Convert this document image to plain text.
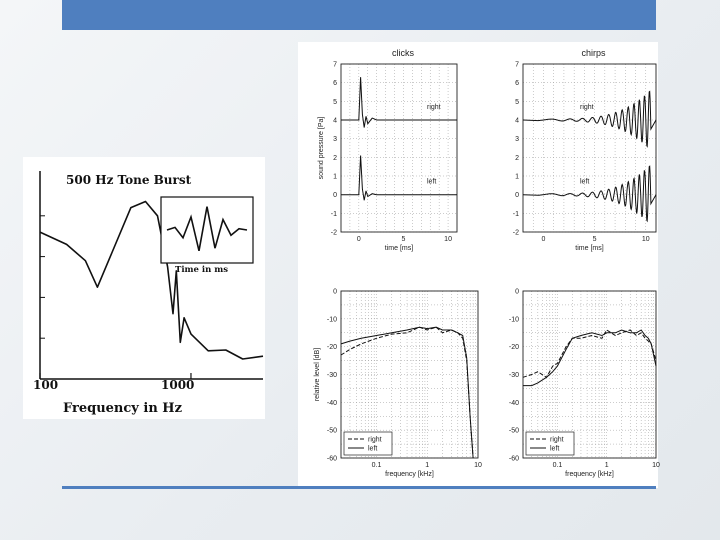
500 Hz Tone Burst
100	1000
Frequency in Hz
Time in ms
-2
-1
0
1
2
3
4
5
6
7
0	5	10
time [ms]
clicks
sound pressure [Pa]
right
left
-2
-1
0
1
2
3
4
5
6
7
0	5	10
time [ms]
chirps
right
left
0
-10
-20
-30
-40
-50
-60
0.1	1	10
frequency [kHz]
relative level [dB]
right
left
0
-10
-20
-30
-40
-50
-60
0.1	1	10
frequency [kHz]
right
left
